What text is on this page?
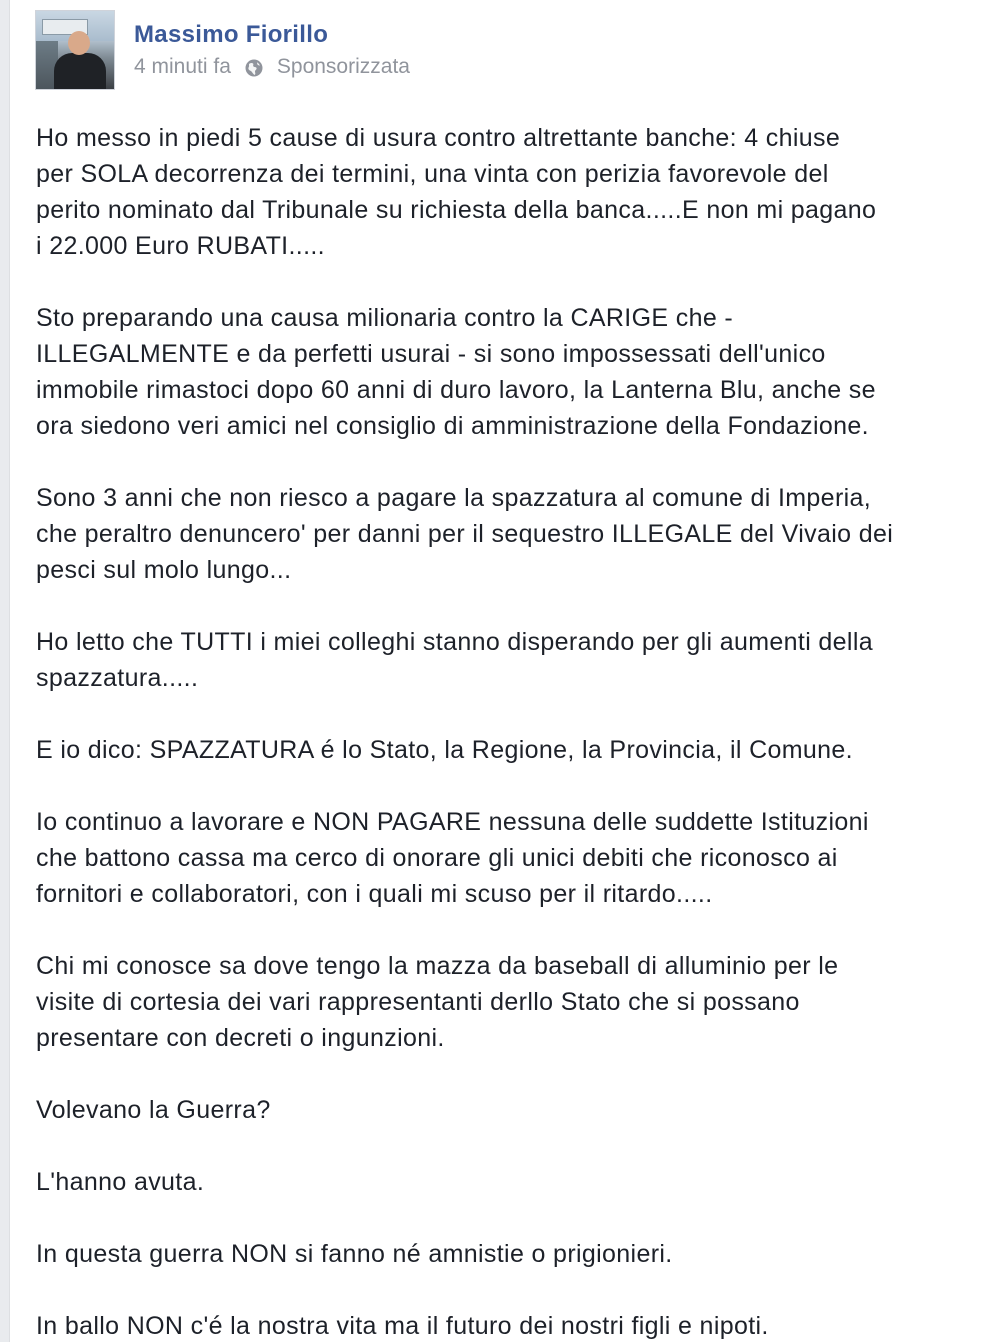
Massimo Fiorillo
4 minuti fa Sponsorizzata

Ho messo in piedi 5 cause di usura contro altrettante banche: 4 chiuse
per SOLA decorrenza dei termini, una vinta con perizia favorevole del
perito nominato dal Tribunale su richiesta della banca.....E non mi pagano
i 22.000 Euro RUBATI.....

Sto preparando una causa milionaria contro la CARIGE che -
ILLEGALMENTE e da perfetti usurai - si sono impossessati dell'unico
immobile rimastoci dopo 60 anni di duro lavoro, la Lanterna Blu, anche se
ora siedono veri amici nel consiglio di amministrazione della Fondazione.

Sono 3 anni che non riesco a pagare la spazzatura al comune di Imperia,
che peraltro denuncero' per danni per il sequestro ILLEGALE del Vivaio dei
pesci sul molo lungo...

Ho letto che TUTTI i miei colleghi stanno disperando per gli aumenti della
spazzatura.....

E io dico: SPAZZATURA é lo Stato, la Regione, la Provincia, il Comune.

Io continuo a lavorare e NON PAGARE nessuna delle suddette Istituzioni
che battono cassa ma cerco di onorare gli unici debiti che riconosco ai
fornitori e collaboratori, con i quali mi scuso per il ritardo.....

Chi mi conosce sa dove tengo la mazza da baseball di alluminio per le
visite di cortesia dei vari rappresentanti derllo Stato che si possano
presentare con decreti o ingunzioni.

Volevano la Guerra?

L'hanno avuta.

In questa guerra NON si fanno né amnistie o prigionieri.

In ballo NON c'é la nostra vita ma il futuro dei nostri figli e nipoti.
